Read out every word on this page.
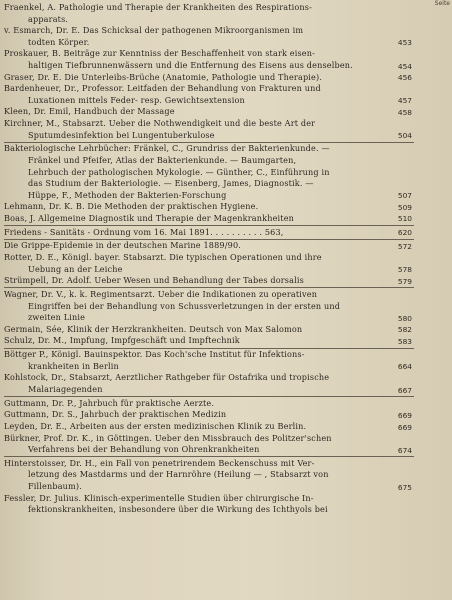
Seite
Fraenkel, A. Pathologie und Therapie der Krankheiten des Respirations-
apparats.
v. Esmarch, Dr. E. Das Schicksal der pathogenen Mikroorganismen im
todten Körper.	453
Proskauer, B. Beiträge zur Kenntniss der Beschaffenheit von stark eisen-
haltigen Tiefbrunnenwässern und die Entfernung des Eisens aus denselben.	454
Graser, Dr. E. Die Unterleibs-Brüche (Anatomie, Pathologie und Therapie).	456
Bardenheuer, Dr., Professor. Leitfaden der Behandlung von Frakturen und
Luxationen mittels Feder- resp. Gewichtsextension	457
Kleen, Dr. Emil, Handbuch der Massage	458
Kirchner, M., Stabsarzt. Ueber die Nothwendigkeit und die beste Art der
Sputumdesinfektion bei Lungentuberkulose	504
Bakteriologische Lehrbücher: Fränkel, C., Grundriss der Bakterienkunde. —
Fränkel und Pfeifer, Atlas der Bakterienkunde. — Baumgarten,
Lehrbuch der pathologischen Mykologie. — Günther, C., Einführung in
das Studium der Bakteriologie. — Eisenberg, James, Diagnostik. —
Hüppe, F., Methoden der Bakterien-Forschung	507
Lehmann, Dr. K. B. Die Methoden der praktischen Hygiene.	509
Boas, J. Allgemeine Diagnostik und Therapie der Magenkrankheiten	510
Friedens - Sanitäts - Ordnung vom 16. Mai 1891. . . . . . . . . . 563,	620
Die Grippe-Epidemie in der deutschen Marine 1889/90.	572
Rotter, D. E., Königl. bayer. Stabsarzt. Die typischen Operationen und ihre
Uebung an der Leiche	578
Strümpell, Dr. Adolf. Ueber Wesen und Behandlung der Tabes dorsalis	579
Wagner, Dr. V., k. k. Regimentsarzt. Ueber die Indikationen zu operativen
Eingriffen bei der Behandlung von Schussverletzungen in der ersten und
zweiten Linie	580
Germain, Sée, Klinik der Herzkrankheiten. Deutsch von Max Salomon	582
Schulz, Dr. M., Impfung, Impfgeschäft und Impftechnik	583
Böttger P., Königl. Bauinspektor. Das Koch'sche Institut für Infektions-
krankheiten in Berlin	664
Kohlstock, Dr., Stabsarzt, Aerztlicher Rathgeber für Ostafrika und tropische
Malariagegenden	667
Guttmann, Dr. P., Jahrbuch für praktische Aerzte.
Guttmann, Dr. S., Jahrbuch der praktischen Medizin	669
Leyden, Dr. E., Arbeiten aus der ersten medizinischen Klinik zu Berlin.	669
Bürkner, Prof. Dr. K., in Göttingen. Ueber den Missbrauch des Politzer'schen
Verfahrens bei der Behandlung von Ohrenkrankheiten	674
Hinterstoisser, Dr. H., ein Fall von penetrirendem Beckenschuss mit Ver-
letzung des Mastdarms und der Harnröhre (Heilung — , Stabsarzt von
Fillenbaum).	675
Fessler, Dr. Julius. Klinisch-experimentelle Studien über chirurgische In-
fektionskrankheiten, insbesondere über die Wirkung des Ichthyols bei
